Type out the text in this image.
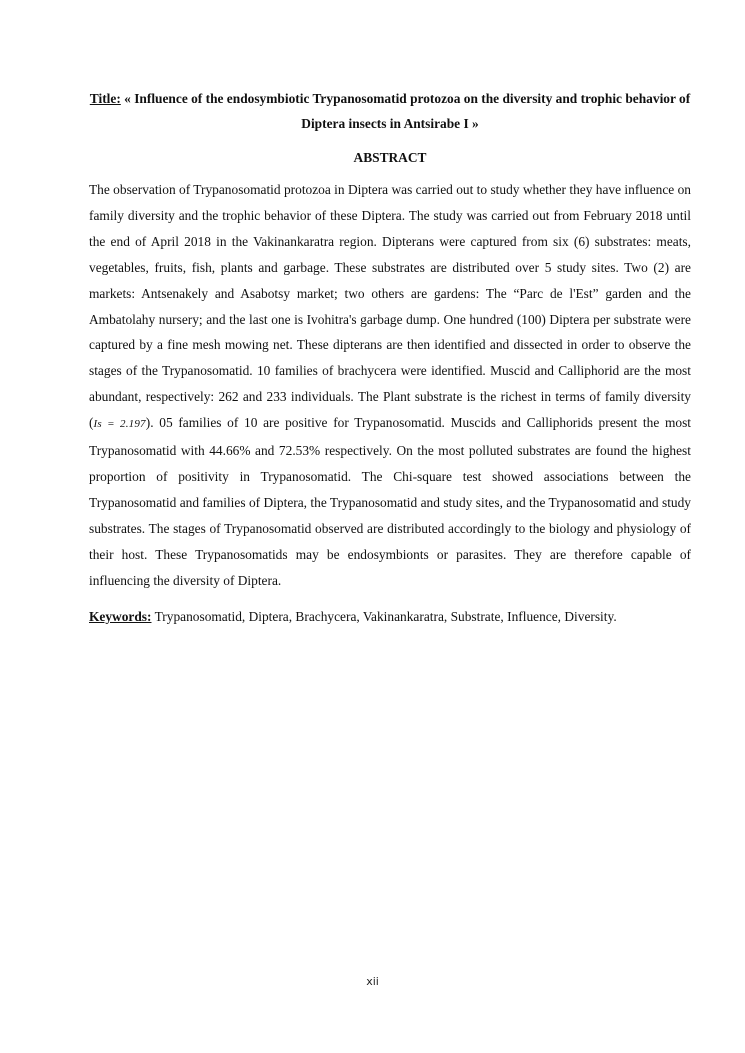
Title: « Influence of the endosymbiotic Trypanosomatid protozoa on the diversity and trophic behavior of Diptera insects in Antsirabe I »

ABSTRACT

The observation of Trypanosomatid protozoa in Diptera was carried out to study whether they have influence on family diversity and the trophic behavior of these Diptera. The study was carried out from February 2018 until the end of April 2018 in the Vakinankaratra region. Dipterans were captured from six (6) substrates: meats, vegetables, fruits, fish, plants and garbage. These substrates are distributed over 5 study sites. Two (2) are markets: Antsenakely and Asabotsy market; two others are gardens: The “Parc de l'Est” garden and the Ambatolahy nursery; and the last one is Ivohitra's garbage dump. One hundred (100) Diptera per substrate were captured by a fine mesh mowing net. These dipterans are then identified and dissected in order to observe the stages of the Trypanosomatid. 10 families of brachycera were identified. Muscid and Calliphorid are the most abundant, respectively: 262 and 233 individuals. The Plant substrate is the richest in terms of family diversity (Is = 2.197). 05 families of 10 are positive for Trypanosomatid. Muscids and Calliphorids present the most Trypanosomatid with 44.66% and 72.53% respectively. On the most polluted substrates are found the highest proportion of positivity in Trypanosomatid. The Chi-square test showed associations between the Trypanosomatid and families of Diptera, the Trypanosomatid and study sites, and the Trypanosomatid and study substrates. The stages of Trypanosomatid observed are distributed accordingly to the biology and physiology of their host. These Trypanosomatids may be endosymbionts or parasites. They are therefore capable of influencing the diversity of Diptera.

Keywords: Trypanosomatid, Diptera, Brachycera, Vakinankaratra, Substrate, Influence, Diversity.

xii
